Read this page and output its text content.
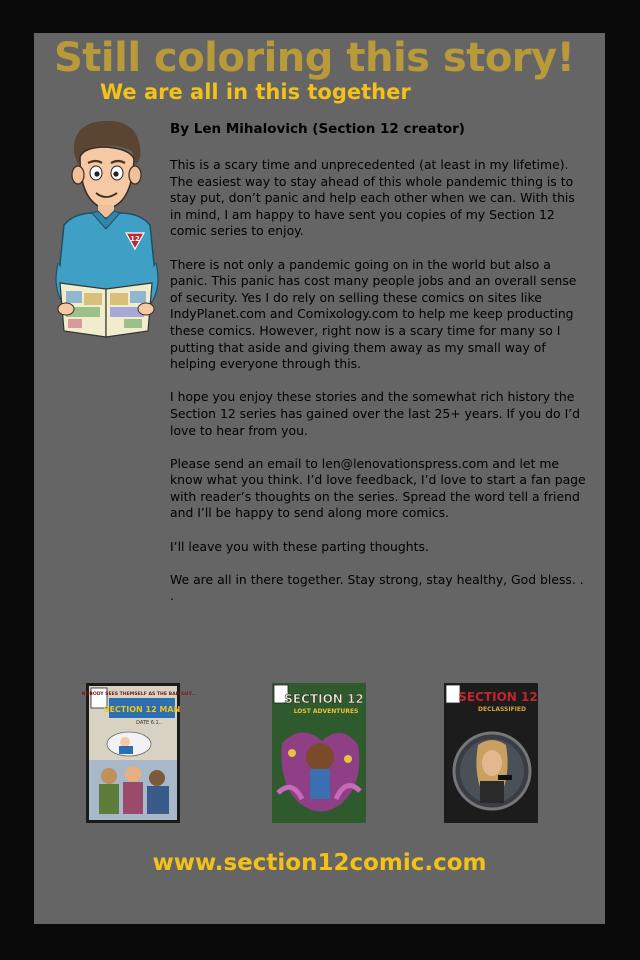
Still coloring this story!
We are all in this together
12
By Len Mihalovich (Section 12 creator)

This is a scary time and unprecedented (at least in my lifetime). The easiest way to stay ahead of this whole pandemic thing is to stay put, don’t panic and help each other when we can. With this in mind, I am happy to have sent you copies of my Section 12 comic series to enjoy.

There is not only a pandemic going on in the world but also a panic. This panic has cost many people jobs and an overall sense of security. Yes I do rely on selling these comics on sites like IndyPlanet.com and Comixology.com to help me keep producting these comics. However, right now is a scary time for many so I putting that aside and giving them away as my small way of helping everyone through this.

I hope you enjoy these stories and the somewhat rich history the Section 12 series has gained over the last 25+ years. If you do I’d love to hear from you.

Please send an email to len@lenovationspress.com and let me know what you think. I’d love feedback, I’d love to start a fan page with reader’s thoughts on the series. Spread the word tell a friend and I’ll be happy to send along more comics.

I’ll leave you with these parting thoughts.

We are all in there together. Stay strong, stay healthy, God bless. . .

NOBODY SEES THEMSELF AS THE BAD GUY...
SECTION 12 MAN
DATE 6.1..
SECTION 12
LOST ADVENTURES
SECTION 12
DECLASSIFIED
www.section12comic.com
